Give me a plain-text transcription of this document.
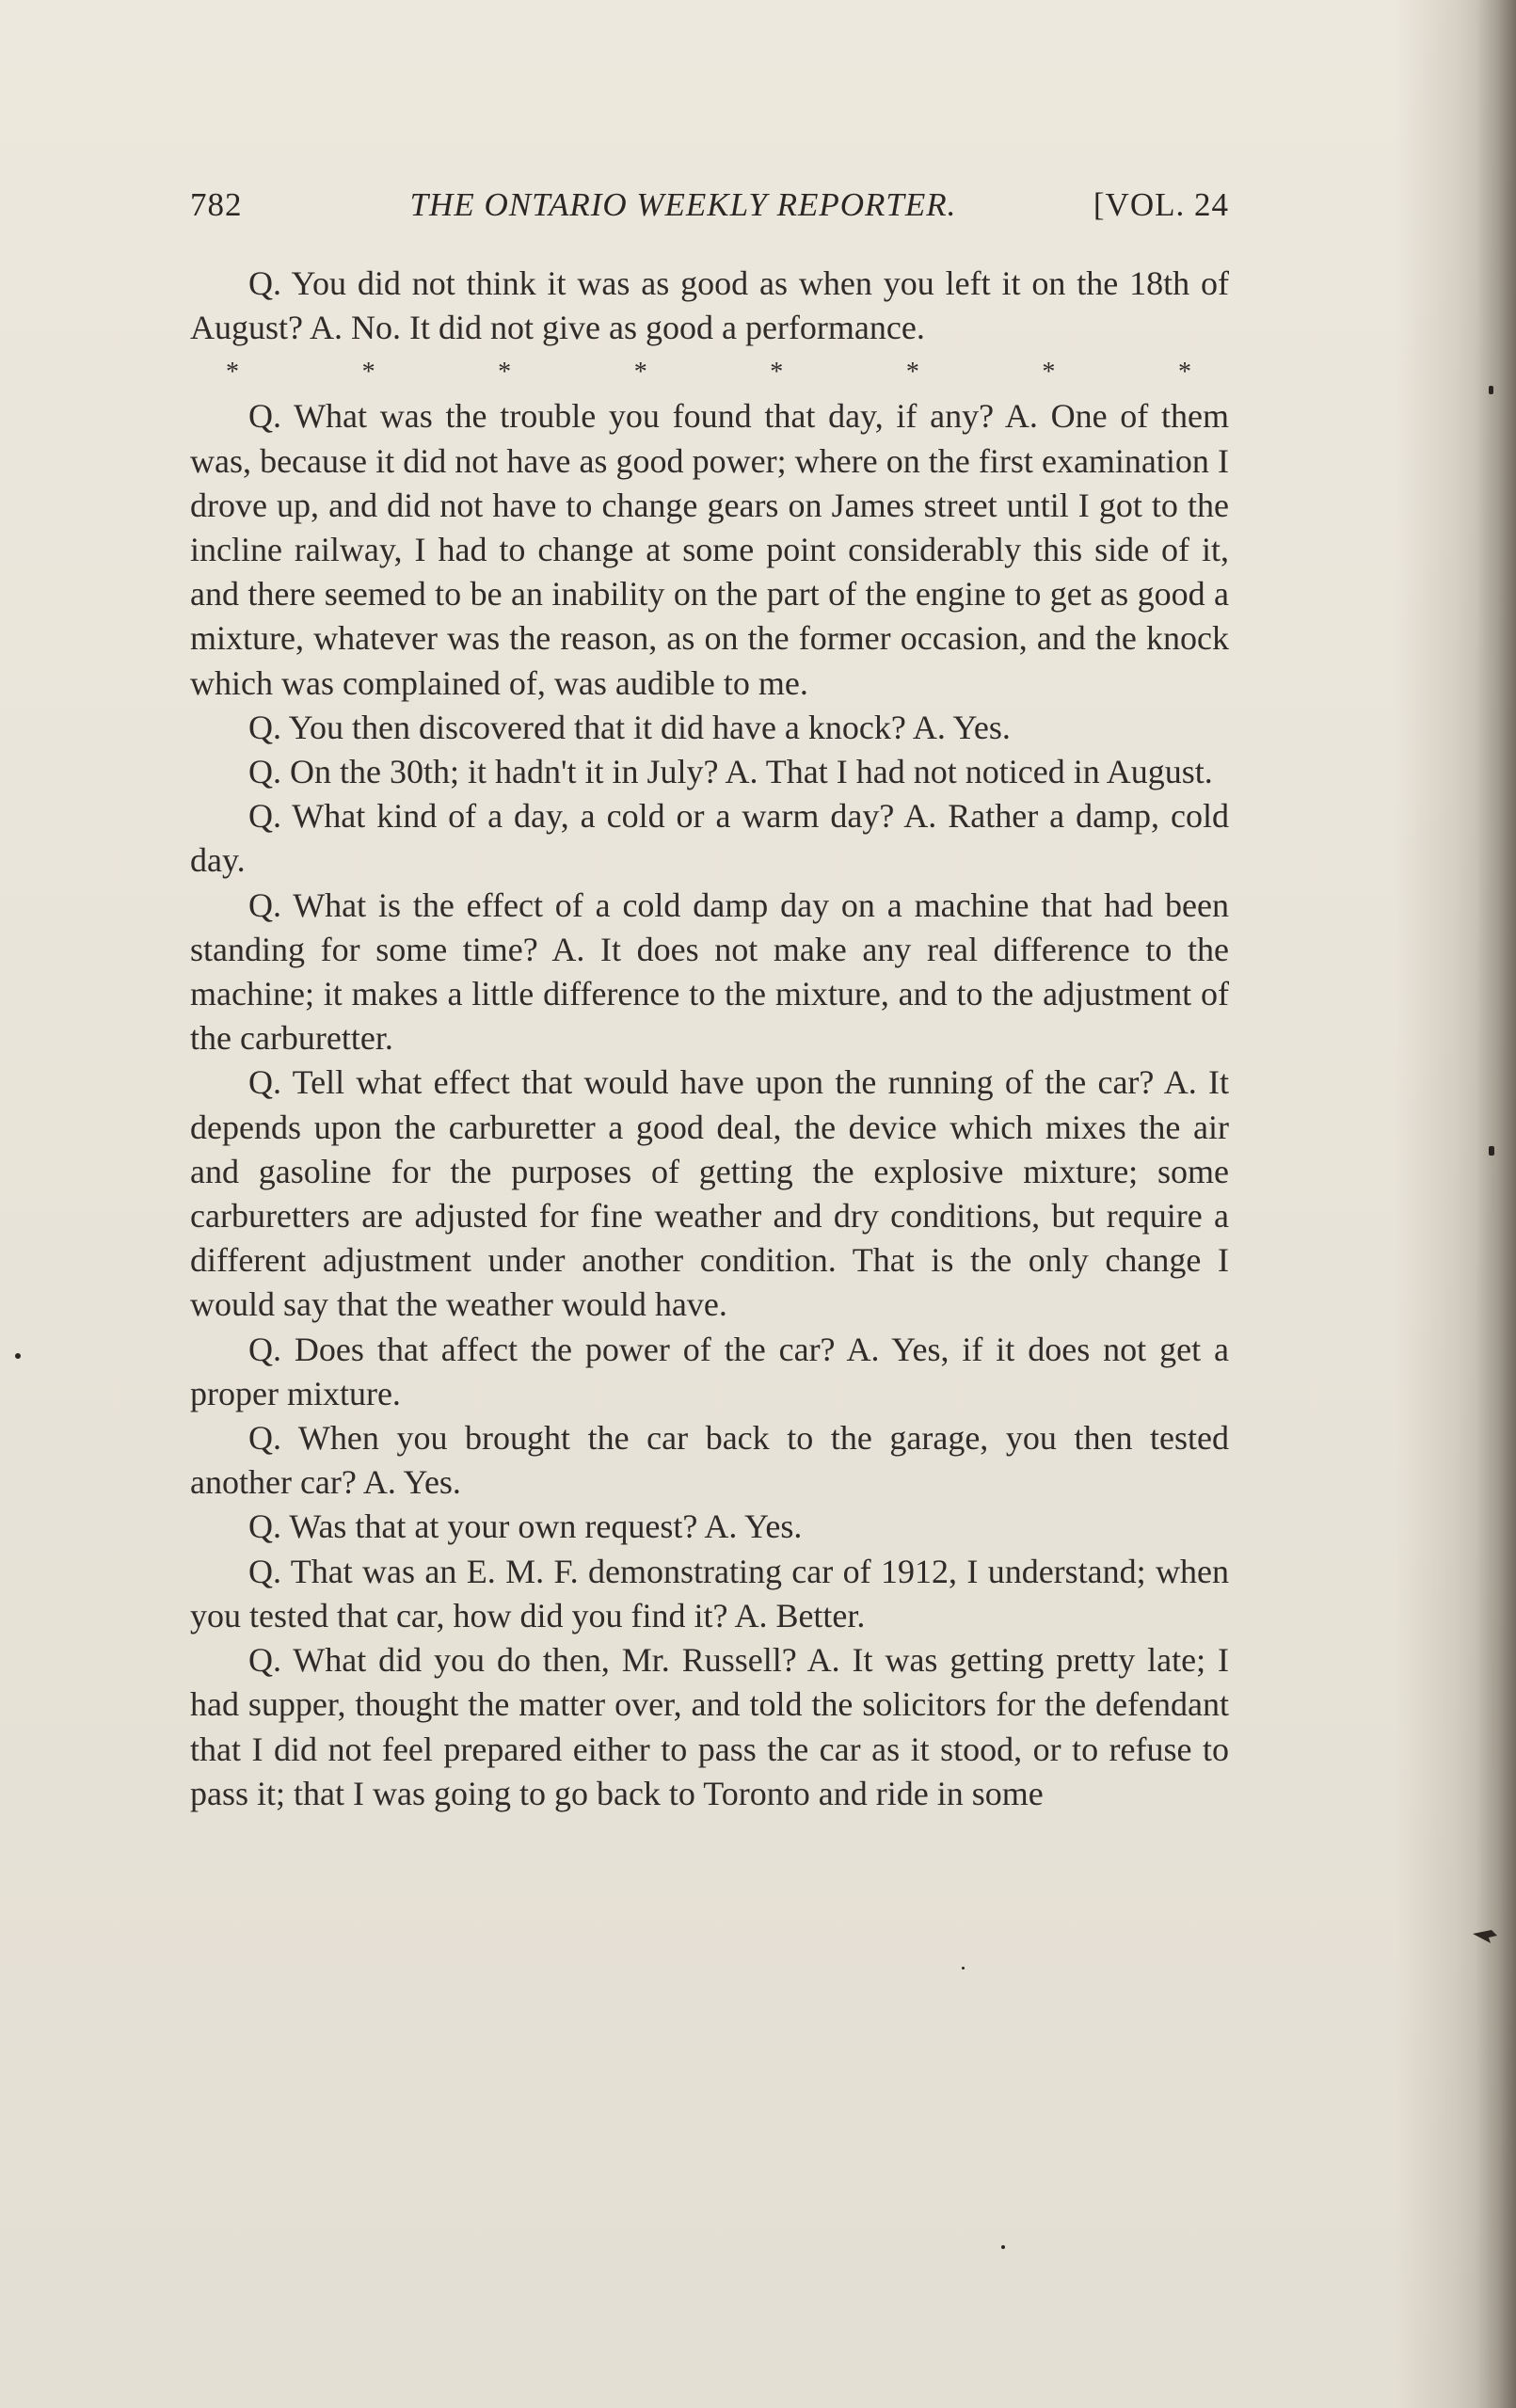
782	THE ONTARIO WEEKLY REPORTER.	[VOL. 24

Q. You did not think it was as good as when you left it on the 18th of August? A. No. It did not give as good a performance.

*	*	*	*	*	*	*	*

Q. What was the trouble you found that day, if any? A. One of them was, because it did not have as good power; where on the first examination I drove up, and did not have to change gears on James street until I got to the incline railway, I had to change at some point considerably this side of it, and there seemed to be an inability on the part of the engine to get as good a mixture, whatever was the reason, as on the former occasion, and the knock which was complained of, was audible to me.

Q. You then discovered that it did have a knock? A. Yes.

Q. On the 30th; it hadn't it in July? A. That I had not noticed in August.

Q. What kind of a day, a cold or a warm day? A. Rather a damp, cold day.

Q. What is the effect of a cold damp day on a machine that had been standing for some time? A. It does not make any real difference to the machine; it makes a little difference to the mixture, and to the adjustment of the carburetter.

Q. Tell what effect that would have upon the running of the car? A. It depends upon the carburetter a good deal, the device which mixes the air and gasoline for the purposes of getting the explosive mixture; some carburetters are adjusted for fine weather and dry conditions, but require a different adjustment under another condition. That is the only change I would say that the weather would have.

Q. Does that affect the power of the car? A. Yes, if it does not get a proper mixture.

Q. When you brought the car back to the garage, you then tested another car? A. Yes.

Q. Was that at your own request? A. Yes.

Q. That was an E. M. F. demonstrating car of 1912, I understand; when you tested that car, how did you find it? A. Better.

Q. What did you do then, Mr. Russell? A. It was getting pretty late; I had supper, thought the matter over, and told the solicitors for the defendant that I did not feel prepared either to pass the car as it stood, or to refuse to pass it; that I was going to go back to Toronto and ride in some
